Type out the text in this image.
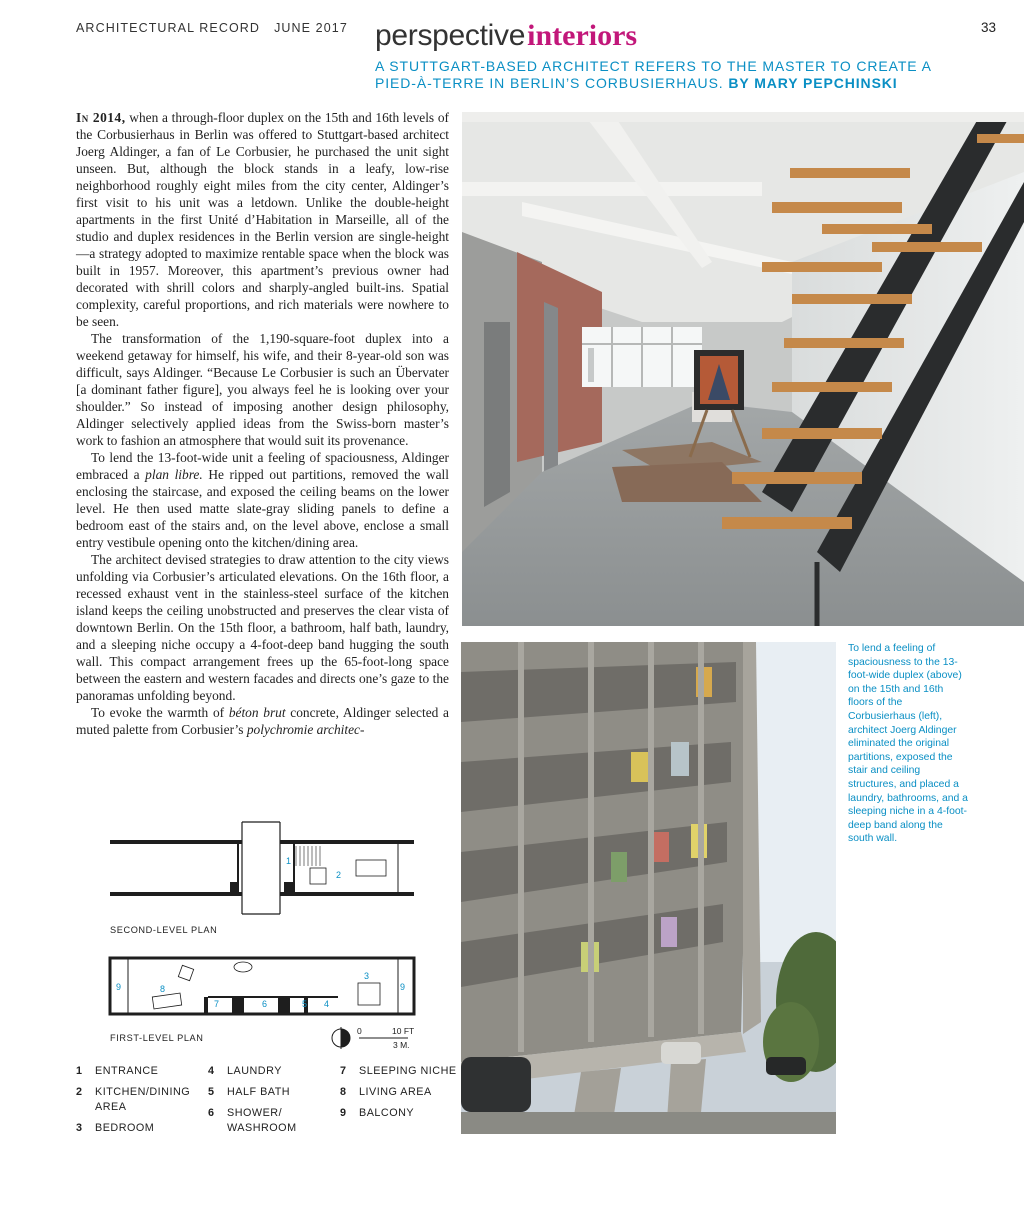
ARCHITECTURAL RECORD JUNE 2017	33
perspectiveinteriors
A STUTTGART-BASED ARCHITECT REFERS TO THE MASTER TO CREATE A PIED-À-TERRE IN BERLIN’S CORBUSIERHAUS. BY MARY PEPCHINSKI

In 2014, when a through-floor duplex on the 15th and 16th levels of the Corbusierhaus in Berlin was offered to Stuttgart-based architect Joerg Aldinger, a fan of Le Corbusier, he purchased the unit sight unseen. But, although the block stands in a leafy, low-rise neighborhood roughly eight miles from the city center, Aldinger’s first visit to his unit was a letdown. Unlike the double-height apartments in the first Unité d’Habitation in Marseille, all of the studio and duplex residences in the Berlin version are single-height—a strategy adopted to maximize rentable space when the block was built in 1957. Moreover, this apartment’s previous owner had decorated with shrill colors and sharply-angled built-ins. Spatial complexity, careful proportions, and rich materials were nowhere to be seen.

The transformation of the 1,190-square-foot duplex into a weekend getaway for himself, his wife, and their 8-year-old son was difficult, says Aldinger. “Because Le Corbusier is such an Übervater [a dominant father figure], you always feel he is looking over your shoulder.” So instead of imposing another design philosophy, Aldinger selectively applied ideas from the Swiss-born master’s work to fashion an atmosphere that would suit its provenance.

To lend the 13-foot-wide unit a feeling of spaciousness, Aldinger embraced a plan libre. He ripped out partitions, removed the wall enclosing the staircase, and exposed the ceiling beams on the lower level. He then used matte slate-gray sliding panels to define a bedroom east of the stairs and, on the level above, enclose a small entry vestibule opening onto the kitchen/dining area.

The architect devised strategies to draw attention to the city views unfolding via Corbusier’s articulated elevations. On the 16th floor, a recessed exhaust vent in the stainless-steel surface of the kitchen island keeps the ceiling unobstructed and preserves the clear vista of downtown Berlin. On the 15th floor, a bathroom, half bath, laundry, and a sleeping niche occupy a 4-foot-deep band hugging the south wall. This compact arrangement frees up the 65-foot-long space between the eastern and western facades and directs one’s gaze to the panoramas unfolding beyond.

To evoke the warmth of béton brut concrete, Aldinger selected a muted palette from Corbusier’s polychromie architec-

To lend a feeling of spaciousness to the 13-foot-wide duplex (above) on the 15th and 16th floors of the Corbusierhaus (left), architect Joerg Aldinger eliminated the original partitions, exposed the stair and ceiling structures, and placed a laundry, bathrooms, and a sleeping niche in a 4-foot-deep band along the south wall.
1
2
SECOND-LEVEL PLAN
9	8
7	6	5 4
3
9
FIRST-LEVEL PLAN
0	10 FT
3 M.
1	ENTRANCE
2	KITCHEN/DINING AREA
3	BEDROOM
4	LAUNDRY
5	HALF BATH
6	SHOWER/ WASHROOM
7	SLEEPING NICHE
8	LIVING AREA
9	BALCONY
